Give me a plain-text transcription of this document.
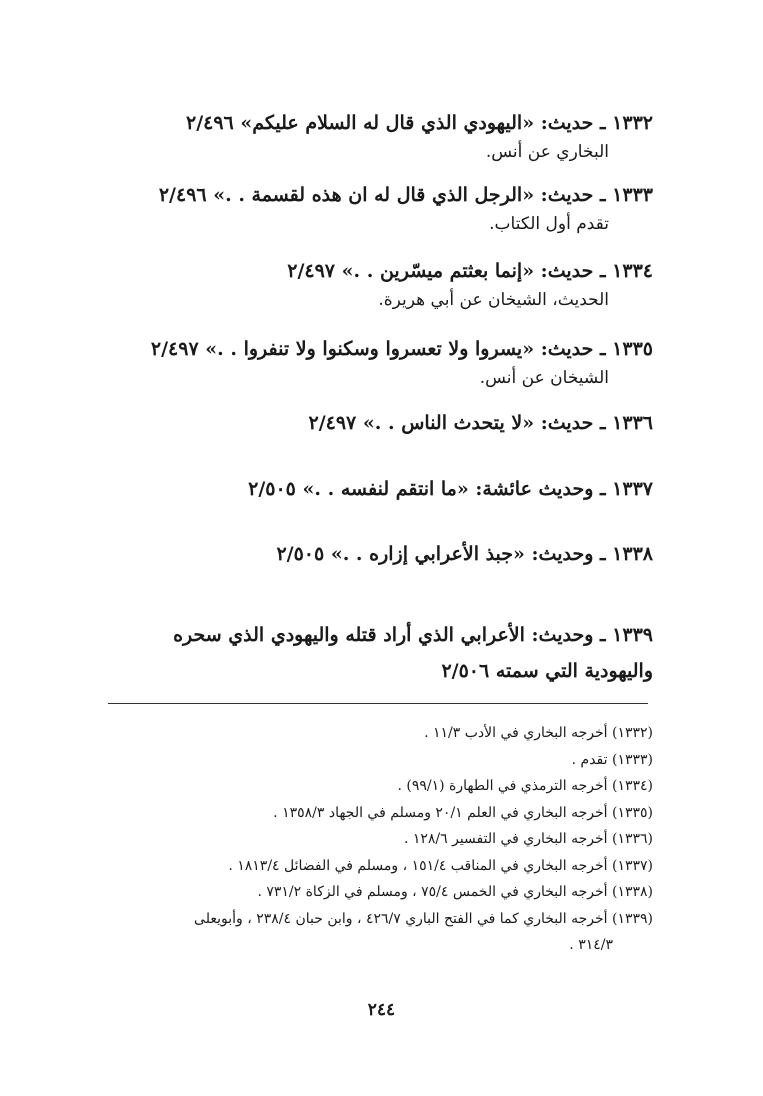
١٣٣٢ ـ حديث: «اليهودي الذي قال له السلام عليكم» ٢/٤٩٦
البخاري عن أنس.
١٣٣٣ ـ حديث: «الرجل الذي قال له ان هذه لقسمة . .» ٢/٤٩٦
تقدم أول الكتاب.
١٣٣٤ ـ حديث: «إنما بعثتم ميسّرين . .» ٢/٤٩٧
الحديث، الشيخان عن أبي هريرة.
١٣٣٥ ـ حديث: «يسروا ولا تعسروا وسكنوا ولا تنفروا . .» ٢/٤٩٧
الشيخان عن أنس.
١٣٣٦ ـ حديث: «لا يتحدث الناس . .» ٢/٤٩٧
١٣٣٧ ـ وحديث عائشة: «ما انتقم لنفسه . .» ٢/٥٠٥
١٣٣٨ ـ وحديث: «جبذ الأعرابي إزاره . .» ٢/٥٠٥
١٣٣٩ ـ وحديث: الأعرابي الذي أراد قتله واليهودي الذي سحره واليهودية التي سمته ٢/٥٠٦
(١٣٣٢) أخرجه البخاري في الأدب ١١/٣ .
(١٣٣٣) تقدم .
(١٣٣٤) أخرجه الترمذي في الطهارة (٩٩/١) .
(١٣٣٥) أخرجه البخاري في العلم ٢٠/١ ومسلم في الجهاد ١٣٥٨/٣ .
(١٣٣٦) أخرجه البخاري في التفسير ١٢٨/٦ .
(١٣٣٧) أخرجه البخاري في المناقب ١٥١/٤ ، ومسلم في الفضائل ١٨١٣/٤ .
(١٣٣٨) أخرجه البخاري في الخمس ٧٥/٤ ، ومسلم في الزكاة ٧٣١/٢ .
(١٣٣٩) أخرجه البخاري كما في الفتح الباري ٤٢٦/٧ ، وابن حبان ٢٣٨/٤ ، وأبويعلى
٣١٤/٣ .
٢٤٤
